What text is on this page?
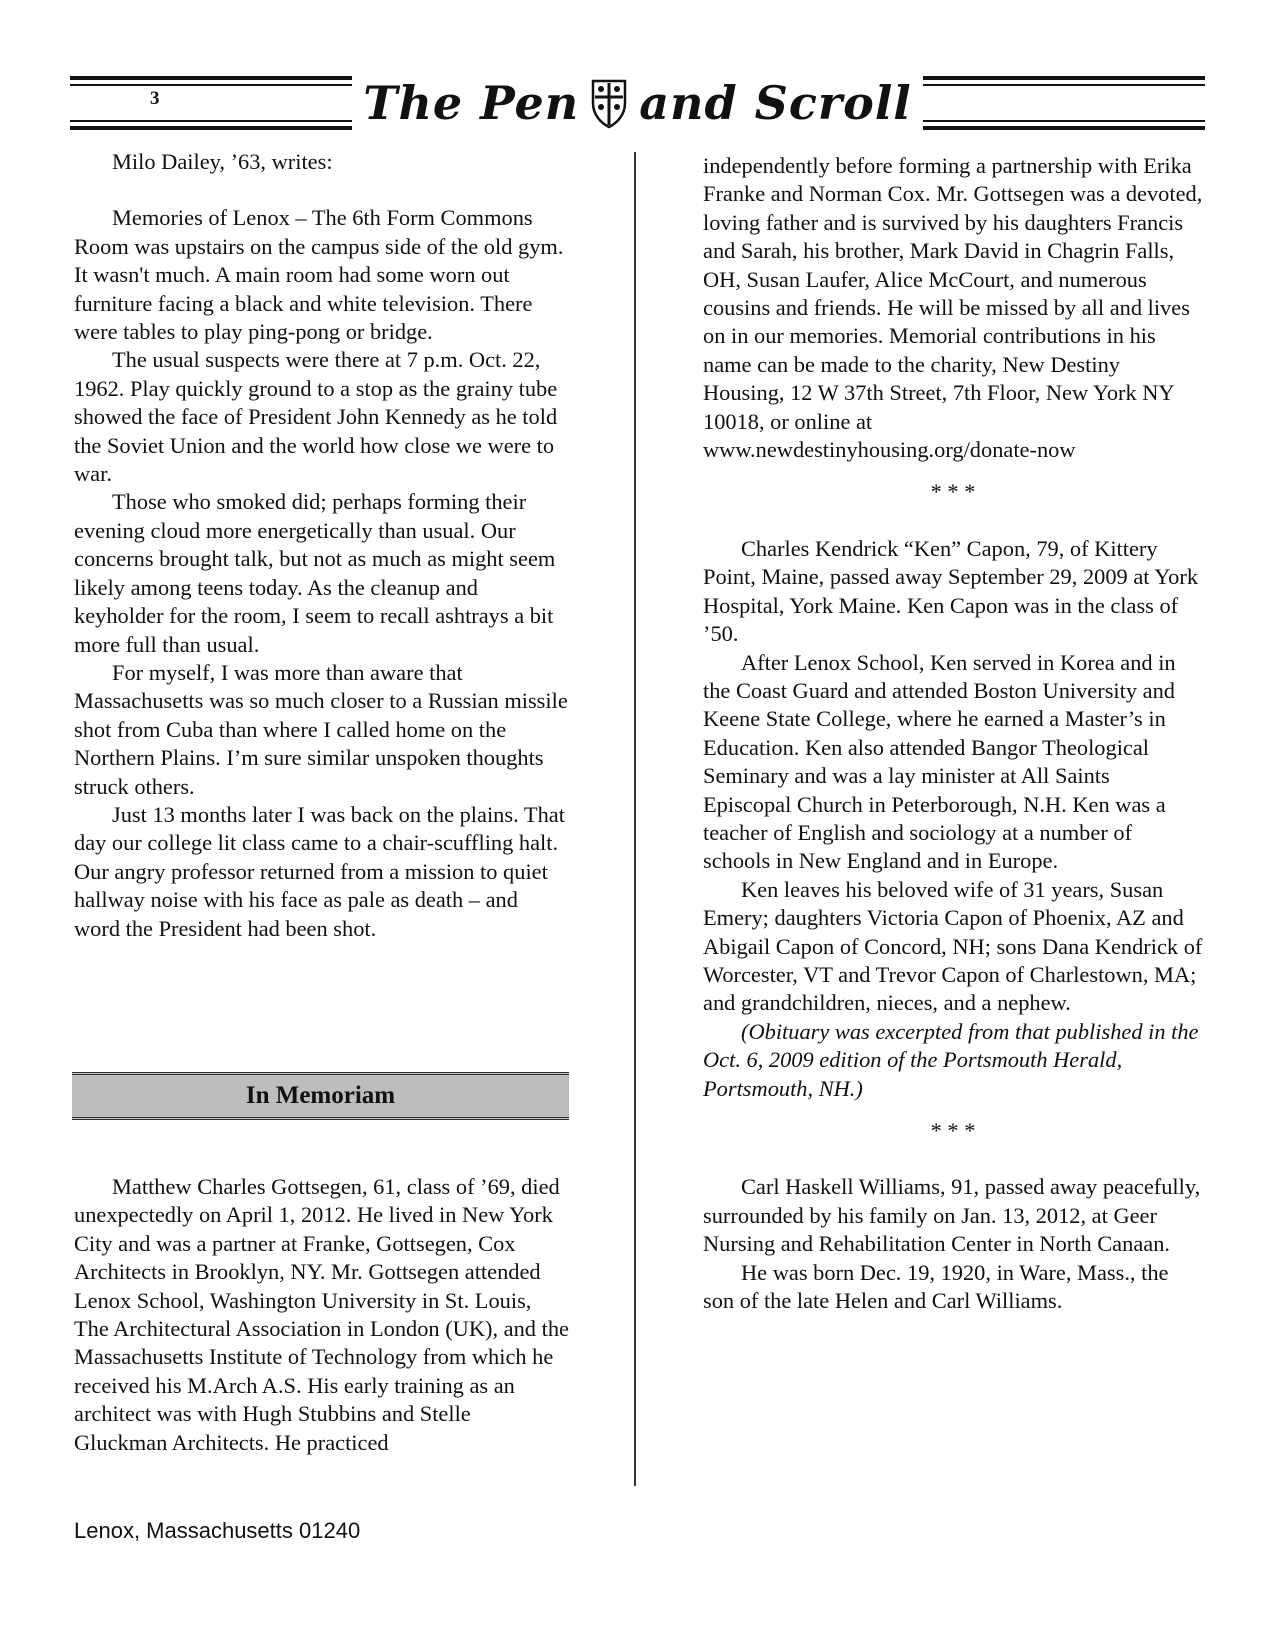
3	The Pen and Scroll

Milo Dailey, ’63, writes:

Memories of Lenox – The 6th Form Commons Room was upstairs on the campus side of the old gym. It wasn't much. A main room had some worn out furniture facing a black and white television. There were tables to play ping-pong or bridge.

The usual suspects were there at 7 p.m. Oct. 22, 1962. Play quickly ground to a stop as the grainy tube showed the face of President John Kennedy as he told the Soviet Union and the world how close we were to war.

Those who smoked did; perhaps forming their evening cloud more energetically than usual. Our concerns brought talk, but not as much as might seem likely among teens today. As the cleanup and keyholder for the room, I seem to recall ashtrays a bit more full than usual.

For myself, I was more than aware that Massachusetts was so much closer to a Russian missile shot from Cuba than where I called home on the Northern Plains. I’m sure similar unspoken thoughts struck others.

Just 13 months later I was back on the plains. That day our college lit class came to a chair-scuffling halt. Our angry professor returned from a mission to quiet hallway noise with his face as pale as death – and word the President had been shot.

In Memoriam

Matthew Charles Gottsegen, 61, class of ’69, died unexpectedly on April 1, 2012. He lived in New York City and was a partner at Franke, Gottsegen, Cox Architects in Brooklyn, NY. Mr. Gottsegen attended Lenox School, Washington University in St. Louis, The Architectural Association in London (UK), and the Massachusetts Institute of Technology from which he received his M.Arch A.S. His early training as an architect was with Hugh Stubbins and Stelle Gluckman Architects. He practiced

independently before forming a partnership with Erika Franke and Norman Cox. Mr. Gottsegen was a devoted, loving father and is survived by his daughters Francis and Sarah, his brother, Mark David in Chagrin Falls, OH, Susan Laufer, Alice McCourt, and numerous cousins and friends. He will be missed by all and lives on in our memories. Memorial contributions in his name can be made to the charity, New Destiny Housing, 12 W 37th Street, 7th Floor, New York NY 10018, or online at www.newdestinyhousing.org/donate-now

* * *

Charles Kendrick “Ken” Capon, 79, of Kittery Point, Maine, passed away September 29, 2009 at York Hospital, York Maine. Ken Capon was in the class of ’50.

After Lenox School, Ken served in Korea and in the Coast Guard and attended Boston University and Keene State College, where he earned a Master’s in Education. Ken also attended Bangor Theological Seminary and was a lay minister at All Saints Episcopal Church in Peterborough, N.H. Ken was a teacher of English and sociology at a number of schools in New England and in Europe.

Ken leaves his beloved wife of 31 years, Susan Emery; daughters Victoria Capon of Phoenix, AZ and Abigail Capon of Concord, NH; sons Dana Kendrick of Worcester, VT and Trevor Capon of Charlestown, MA; and grandchildren, nieces, and a nephew.

(Obituary was excerpted from that published in the Oct. 6, 2009 edition of the Portsmouth Herald, Portsmouth, NH.)

* * *

Carl Haskell Williams, 91, passed away peacefully, surrounded by his family on Jan. 13, 2012, at Geer Nursing and Rehabilitation Center in North Canaan.

He was born Dec. 19, 1920, in Ware, Mass., the son of the late Helen and Carl Williams.

Lenox, Massachusetts 01240
